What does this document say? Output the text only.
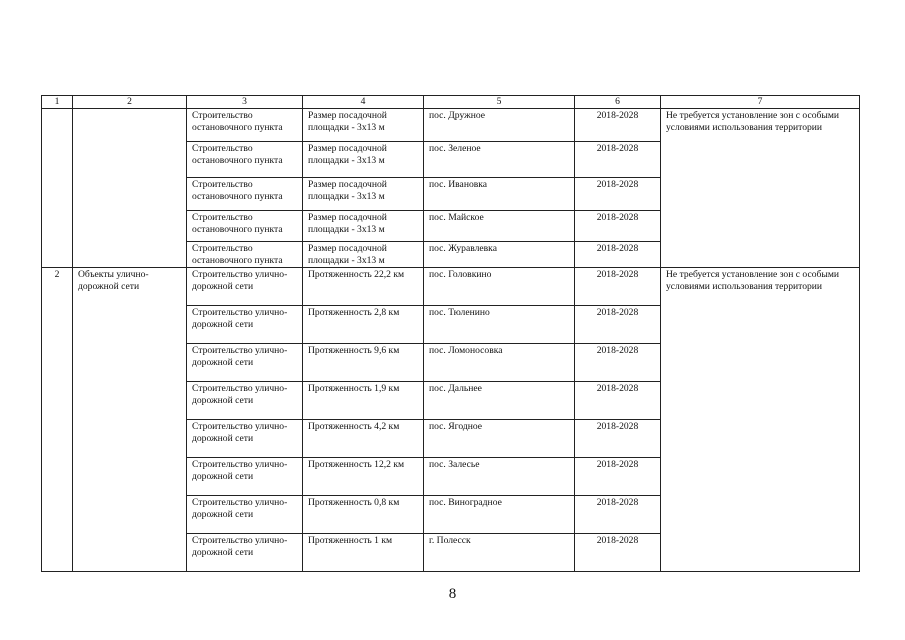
1	2	3	4	5	6	7
		Строительство остановочного пункта	Размер посадочной площадки - 3х13 м	пос. Дружное	2018-2028	Не требуется установление зон с особыми условиями использования территории
		Строительство остановочного пункта	Размер посадочной площадки - 3х13 м	пос. Зеленое	2018-2028	
		Строительство остановочного пункта	Размер посадочной площадки - 3х13 м	пос. Ивановка	2018-2028	
		Строительство остановочного пункта	Размер посадочной площадки - 3х13 м	пос. Майское	2018-2028	
		Строительство остановочного пункта	Размер посадочной площадки - 3х13 м	пос. Журавлевка	2018-2028	
2	Объекты улично-дорожной сети	Строительство улично-дорожной сети	Протяженность 22,2 км	пос. Головкино	2018-2028	Не требуется установление зон с особыми условиями использования территории
		Строительство улично-дорожной сети	Протяженность 2,8 км	пос. Тюленино	2018-2028	
		Строительство улично-дорожной сети	Протяженность 9,6 км	пос. Ломоносовка	2018-2028	
		Строительство улично-дорожной сети	Протяженность 1,9 км	пос. Дальнее	2018-2028	
		Строительство улично-дорожной сети	Протяженность 4,2 км	пос. Ягодное	2018-2028	
		Строительство улично-дорожной сети	Протяженность 12,2 км	пос. Залесье	2018-2028	
		Строительство улично-дорожной сети	Протяженность 0,8 км	пос. Виноградное	2018-2028	
		Строительство улично-дорожной сети	Протяженность 1 км	г. Полесск	2018-2028	
8
